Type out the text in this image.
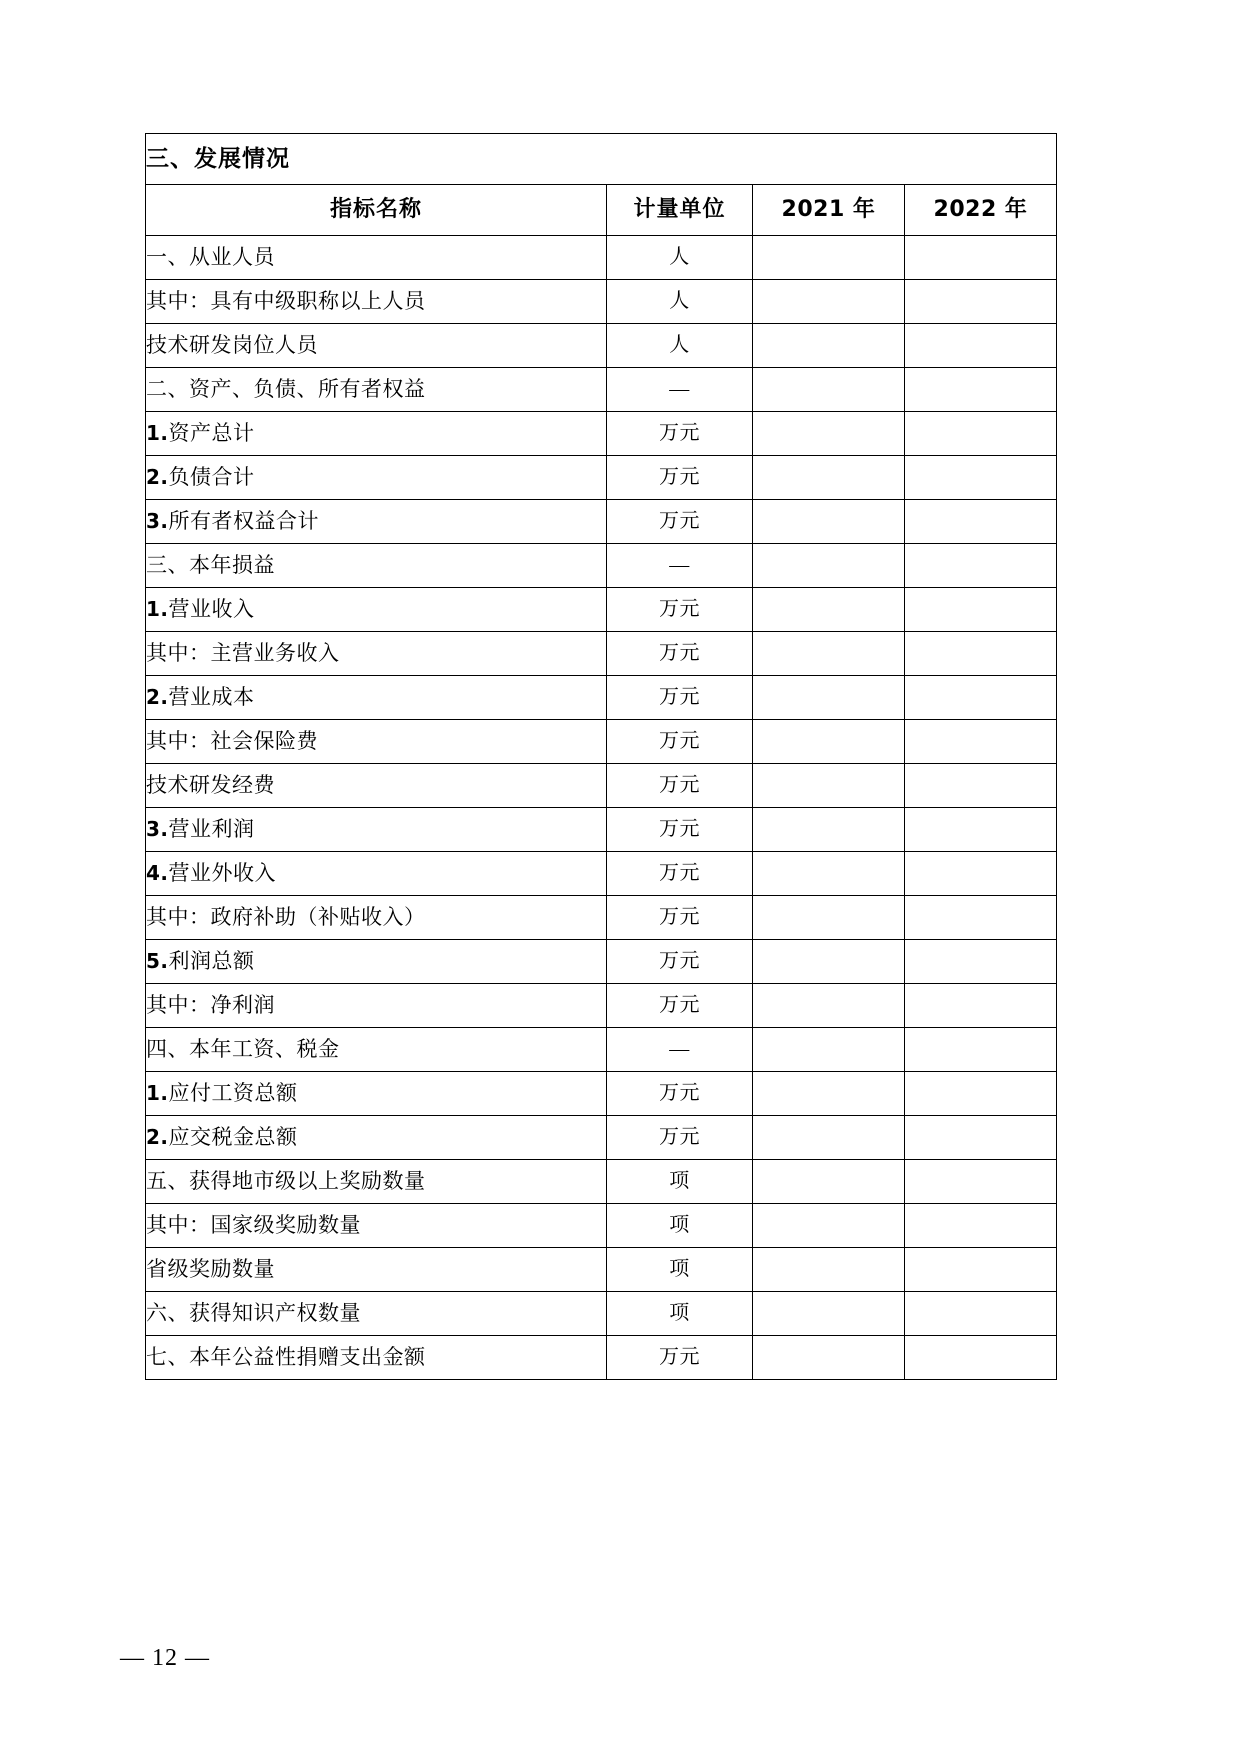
三、发展情况			
指标名称	计量单位	2021 年	2022 年
一、从业人员	人		
其中：具有中级职称以上人员	人		
技术研发岗位人员	人		
二、资产、负债、所有者权益	—		
1.资产总计	万元		
2.负债合计	万元		
3.所有者权益合计	万元		
三、本年损益	—		
1.营业收入	万元		
其中：主营业务收入	万元		
2.营业成本	万元		
其中：社会保险费	万元		
技术研发经费	万元		
3.营业利润	万元		
4.营业外收入	万元		
其中：政府补助（补贴收入）	万元		
5.利润总额	万元		
其中：净利润	万元		
四、本年工资、税金	—		
1.应付工资总额	万元		
2.应交税金总额	万元		
五、获得地市级以上奖励数量	项		
其中：国家级奖励数量	项		
省级奖励数量	项		
六、获得知识产权数量	项		
七、本年公益性捐赠支出金额	万元		
— 12 —
